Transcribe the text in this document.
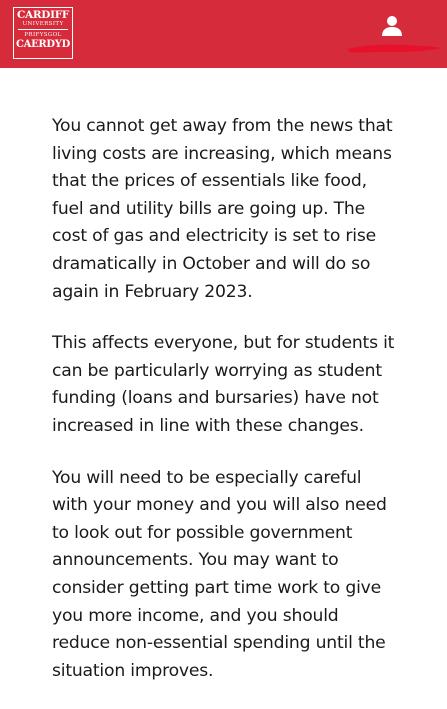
CARDIFF
UNIVERSITY
PRIFYSGOL
CAERDYD

You cannot get away from the news that living costs are increasing, which means that the prices of essentials like food, fuel and utility bills are going up. The cost of gas and electricity is set to rise dramatically in October and will do so again in February 2023.

This affects everyone, but for students it can be particularly worrying as student funding (loans and bursaries) have not increased in line with these changes.

You will need to be especially careful with your money and you will also need to look out for possible government announcements. You may want to consider getting part time work to give you more income, and you should reduce non-essential spending until the situation improves.
